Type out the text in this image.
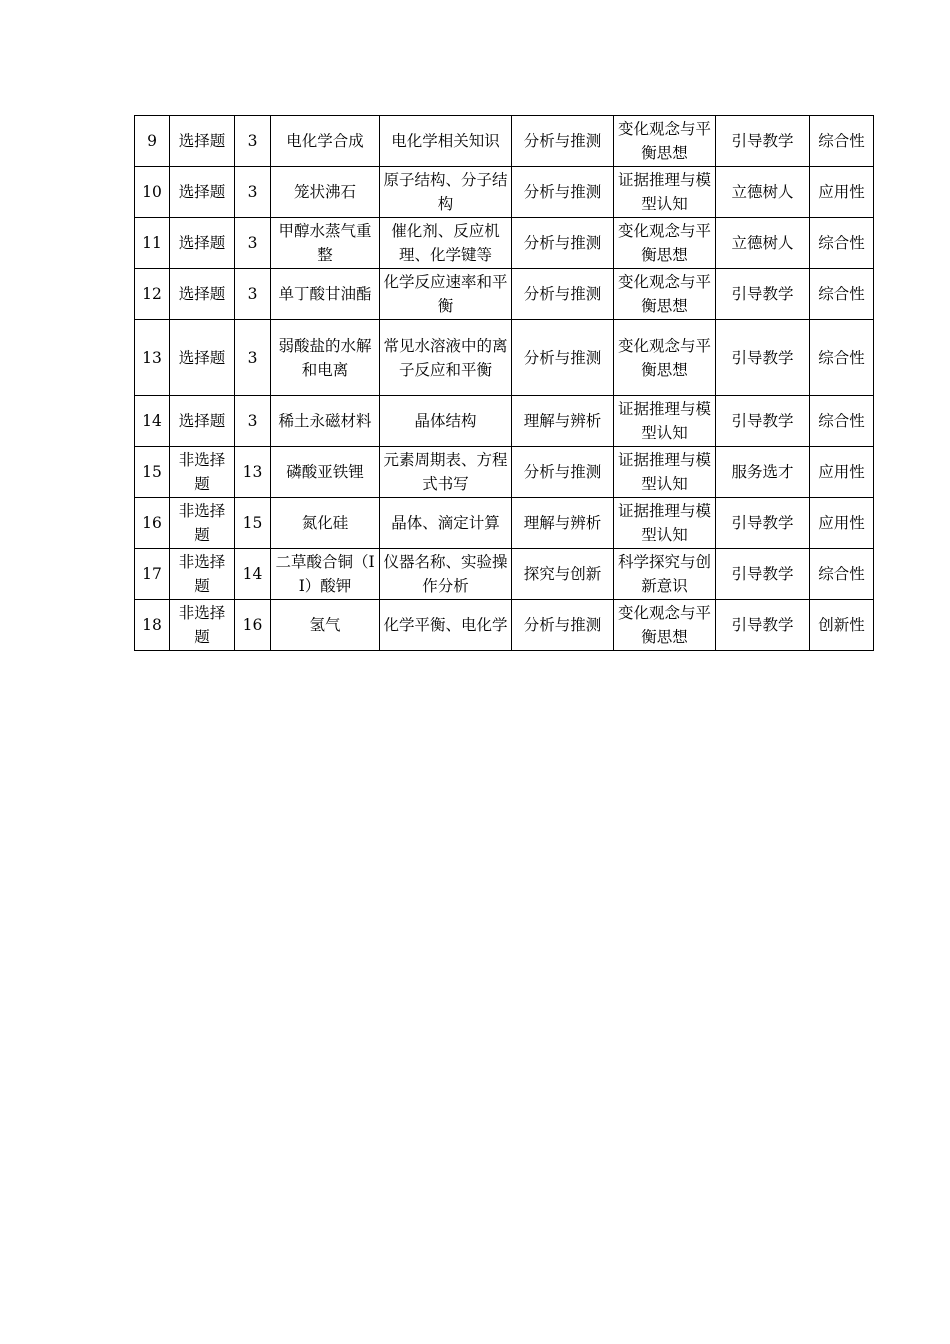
9	选择题	3	电化学合成	电化学相关知识	分析与推测	变化观念与平衡思想	引导教学	综合性
10	选择题	3	笼状沸石	原子结构、分子结构	分析与推测	证据推理与模型认知	立德树人	应用性
11	选择题	3	甲醇水蒸气重整	催化剂、反应机理、化学键等	分析与推测	变化观念与平衡思想	立德树人	综合性
12	选择题	3	单丁酸甘油酯	化学反应速率和平衡	分析与推测	变化观念与平衡思想	引导教学	综合性
13	选择题	3	弱酸盐的水解和电离	常见水溶液中的离子反应和平衡	分析与推测	变化观念与平衡思想	引导教学	综合性
14	选择题	3	稀土永磁材料	晶体结构	理解与辨析	证据推理与模型认知	引导教学	综合性
15	非选择题	13	磷酸亚铁锂	元素周期表、方程式书写	分析与推测	证据推理与模型认知	服务选才	应用性
16	非选择题	15	氮化硅	晶体、滴定计算	理解与辨析	证据推理与模型认知	引导教学	应用性
17	非选择题	14	二草酸合铜（II）酸钾	仪器名称、实验操作分析	探究与创新	科学探究与创新意识	引导教学	综合性
18	非选择题	16	氢气	化学平衡、电化学	分析与推测	变化观念与平衡思想	引导教学	创新性
